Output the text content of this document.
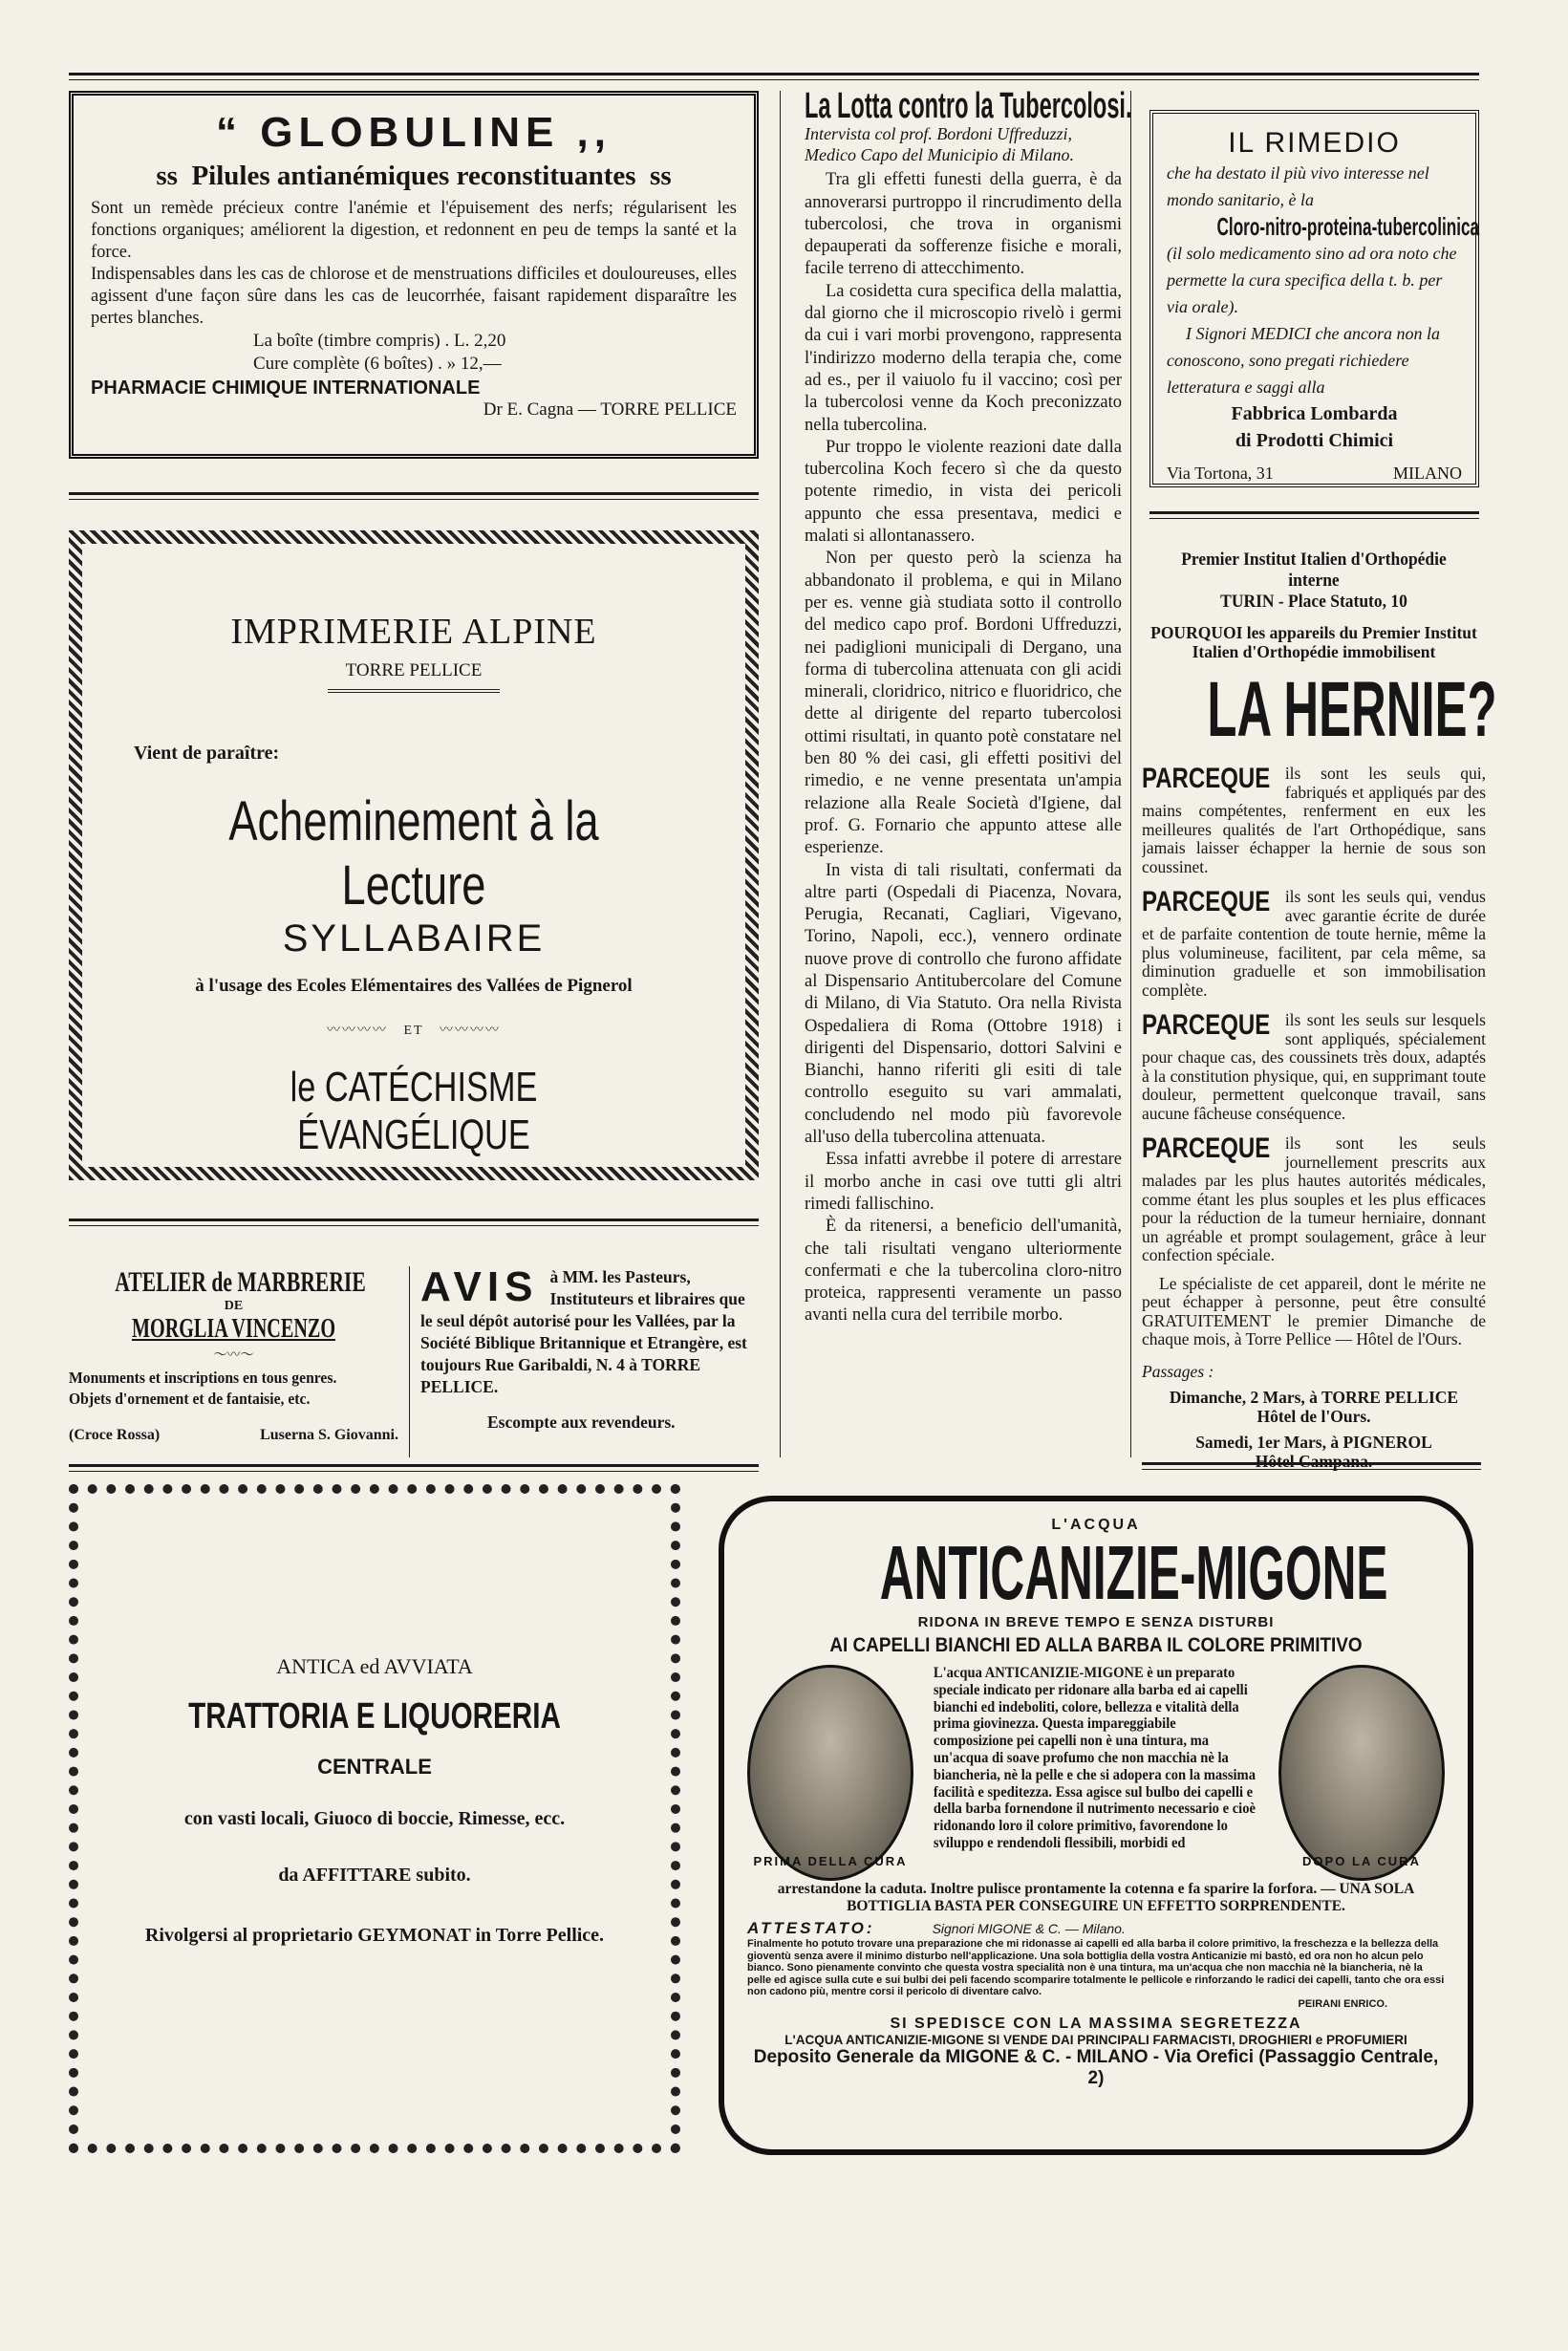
“ GLOBULINE ,,
ss Pilules antianémiques reconstituantes ss

Sont un remède précieux contre l'anémie et l'épuisement des nerfs; régularisent les fonctions organiques; améliorent la digestion, et redonnent en peu de temps la santé et la force.

Indispensables dans les cas de chlorose et de menstruations difficiles et douloureuses, elles agissent d'une façon sûre dans les cas de leucorrhée, faisant rapidement disparaître les pertes blanches.

La boîte (timbre compris) . L. 2,20
Cure complète (6 boîtes) . » 12,—
PHARMACIE CHIMIQUE INTERNATIONALE
Dr E. Cagna — TORRE PELLICE
IMPRIMERIE ALPINE
TORRE PELLICE
Vient de paraître:
Acheminement à la Lecture
SYLLABAIRE
à l'usage des Ecoles Elémentaires des Vallées de Pignerol
〰〰〰〰   ET   〰〰〰〰
le CATÉCHISME ÉVANGÉLIQUE
La Lotta contro la Tubercolosi.

Intervista col prof. Bordoni Uffreduzzi, Medico Capo del Municipio di Milano.

Tra gli effetti funesti della guerra, è da annoverarsi purtroppo il rincrudimento della tubercolosi, che trova in organismi depauperati da sofferenze fisiche e morali, facile terreno di attecchimento.

La cosidetta cura specifica della malattia, dal giorno che il microscopio rivelò i germi da cui i vari morbi provengono, rappresenta l'indirizzo moderno della terapia che, come ad es., per il vaiuolo fu il vaccino; così per la tubercolosi venne da Koch preconizzato nella tubercolina.

Pur troppo le violente reazioni date dalla tubercolina Koch fecero sì che da questo potente rimedio, in vista dei pericoli appunto che essa presentava, medici e malati si allontanassero.

Non per questo però la scienza ha abbandonato il problema, e qui in Milano per es. venne già studiata sotto il controllo del medico capo prof. Bordoni Uffreduzzi, nei padiglioni municipali di Dergano, una forma di tubercolina attenuata con gli acidi minerali, cloridrico, nitrico e fluoridrico, che dette al dirigente del reparto tubercolosi ottimi risultati, in quanto potè constatare nel ben 80 % dei casi, gli effetti positivi del rimedio, e ne venne presentata un'ampia relazione alla Reale Società d'Igiene, dal prof. G. Fornario che appunto attese alle esperienze.

In vista di tali risultati, confermati da altre parti (Ospedali di Piacenza, Novara, Perugia, Recanati, Cagliari, Vigevano, Torino, Napoli, ecc.), vennero ordinate nuove prove di controllo che furono affidate al Dispensario Antitubercolare del Comune di Milano, di Via Statuto. Ora nella Rivista Ospedaliera di Roma (Ottobre 1918) i dirigenti del Dispensario, dottori Salvini e Bianchi, hanno riferiti gli esiti di tale controllo eseguito su vari ammalati, concludendo nel modo più favorevole all'uso della tubercolina attenuata.

Essa infatti avrebbe il potere di arrestare il morbo anche in casi ove tutti gli altri rimedi fallischino.

È da ritenersi, a beneficio dell'umanità, che tali risultati vengano ulteriormente confermati e che la tubercolina cloro-nitro proteica, rappresenti veramente un passo avanti nella cura del terribile morbo.

IL RIMEDIO

che ha destato il più vivo interesse nel mondo sanitario, è la

Cloro-nitro-proteina-tubercolinica

(il solo medicamento sino ad ora noto che permette la cura specifica della t. b. per via orale).

I Signori MEDICI che ancora non la conoscono, sono pregati richiedere letteratura e saggi alla

Fabbrica Lombarda
di Prodotti Chimici
Via Tortona, 31	MILANO
Premier Institut Italien d'Orthopédie interne
TURIN - Place Statuto, 10

POURQUOI les appareils du Premier Institut Italien d'Orthopédie immobilisent

LA HERNIE?
PARCEQUE ils sont les seuls qui, fabriqués et appliqués par des mains compétentes, renferment en eux les meilleures qualités de l'art Orthopédique, sans jamais laisser échapper la hernie de sous son coussinet.
PARCEQUE ils sont les seuls qui, vendus avec garantie écrite de durée et de parfaite contention de toute hernie, même la plus volumineuse, facilitent, par cela même, sa diminution graduelle et son immobilisation complète.
PARCEQUE ils sont les seuls sur lesquels sont appliqués, spécialement pour chaque cas, des coussinets très doux, adaptés à la constitution physique, qui, en supprimant toute douleur, permettent quelconque travail, sans aucune fâcheuse conséquence.
PARCEQUE ils sont les seuls journellement prescrits aux malades par les plus hautes autorités médicales, comme étant les plus souples et les plus efficaces pour la réduction de la tumeur herniaire, donnant un agréable et prompt soulagement, grâce à leur confection spéciale.

Le spécialiste de cet appareil, dont le mérite ne peut échapper à personne, peut être consulté GRATUITEMENT le premier Dimanche de chaque mois, à Torre Pellice — Hôtel de l'Ours.

Passages :

Dimanche, 2 Mars, à TORRE PELLICE

Hôtel de l'Ours.

Samedi, 1er Mars, à PIGNEROL

Hôtel Campana.

ATELIER de MARBRERIE
DE
MORGLIA VINCENZO
〜〰〜
Monuments et inscriptions en tous genres. Objets d'ornement et de fantaisie, etc.
(Croce Rossa)	Luserna S. Giovanni.
AVIS à MM. les Pasteurs, Instituteurs et libraires que le seul dépôt autorisé pour les Vallées, par la Société Biblique Britannique et Etrangère, est toujours Rue Garibaldi, N. 4 à TORRE PELLICE.
Escompte aux revendeurs.
ANTICA ed AVVIATA
TRATTORIA E LIQUORERIA
CENTRALE
con vasti locali, Giuoco di boccie, Rimesse, ecc.
da AFFITTARE subito.
Rivolgersi al proprietario GEYMONAT in Torre Pellice.
L'ACQUA
ANTICANIZIE-MIGONE
RIDONA IN BREVE TEMPO E SENZA DISTURBI
AI CAPELLI BIANCHI ED ALLA BARBA IL COLORE PRIMITIVO
PRIMA DELLA CURA
L'acqua ANTICANIZIE-MIGONE è un preparato speciale indicato per ridonare alla barba ed ai capelli bianchi ed indeboliti, colore, bellezza e vitalità della prima giovinezza. Questa impareggiabile composizione pei capelli non è una tintura, ma un'acqua di soave profumo che non macchia nè la biancheria, nè la pelle e che si adopera con la massima facilità e speditezza. Essa agisce sul bulbo dei capelli e della barba fornendone il nutrimento necessario e cioè ridonando loro il colore primitivo, favorendone lo sviluppo e rendendoli flessibili, morbidi ed
DOPO LA CURA
arrestandone la caduta. Inoltre pulisce prontamente la cotenna e fa sparire la forfora. — UNA SOLA BOTTIGLIA BASTA PER CONSEGUIRE UN EFFETTO SORPRENDENTE.
ATTESTATO:	Signori MIGONE & C. — Milano.
Finalmente ho potuto trovare una preparazione che mi ridonasse ai capelli ed alla barba il colore primitivo, la freschezza e la bellezza della gioventù senza avere il minimo disturbo nell'applicazione. Una sola bottiglia della vostra Anticanizie mi bastò, ed ora non ho alcun pelo bianco. Sono pienamente convinto che questa vostra specialità non è una tintura, ma un'acqua che non macchia nè la biancheria, nè la pelle ed agisce sulla cute e sui bulbi dei peli facendo scomparire totalmente le pellicole e rinforzando le radici dei capelli, tanto che ora essi non cadono più, mentre corsi il pericolo di diventare calvo.
PEIRANI ENRICO.
SI SPEDISCE CON LA MASSIMA SEGRETEZZA
L'ACQUA ANTICANIZIE-MIGONE SI VENDE DAI PRINCIPALI FARMACISTI, DROGHIERI e PROFUMIERI
Deposito Generale da MIGONE & C. - MILANO - Via Orefici (Passaggio Centrale, 2)
